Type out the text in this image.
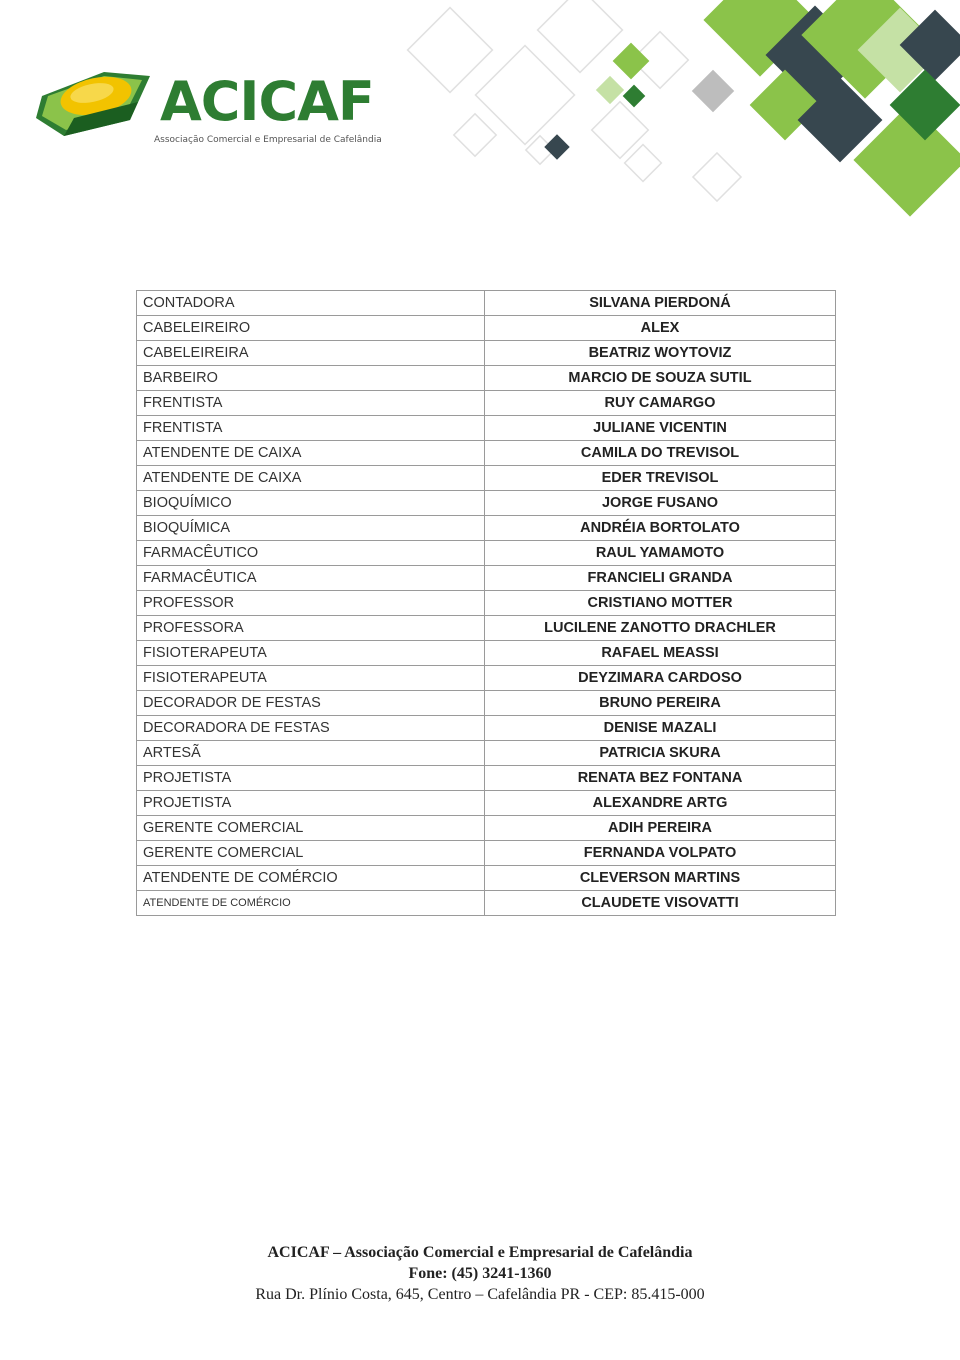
ACICAF
Associação Comercial e Empresarial de Cafelândia
CONTADORA	SILVANA PIERDONÁ
CABELEIREIRO	ALEX
CABELEIREIRA	BEATRIZ WOYTOVIZ
BARBEIRO	MARCIO DE SOUZA SUTIL
FRENTISTA	RUY CAMARGO
FRENTISTA	JULIANE VICENTIN
ATENDENTE DE CAIXA	CAMILA DO TREVISOL
ATENDENTE DE CAIXA	EDER TREVISOL
BIOQUÍMICO	JORGE FUSANO
BIOQUÍMICA	ANDRÉIA BORTOLATO
FARMACÊUTICO	RAUL YAMAMOTO
FARMACÊUTICA	FRANCIELI GRANDA
PROFESSOR	CRISTIANO MOTTER
PROFESSORA	LUCILENE ZANOTTO DRACHLER
FISIOTERAPEUTA	RAFAEL MEASSI
FISIOTERAPEUTA	DEYZIMARA CARDOSO
DECORADOR DE FESTAS	BRUNO PEREIRA
DECORADORA DE FESTAS	DENISE MAZALI
ARTESÃ	PATRICIA SKURA
PROJETISTA	RENATA BEZ FONTANA
PROJETISTA	ALEXANDRE ARTG
GERENTE COMERCIAL	ADIH PEREIRA
GERENTE COMERCIAL	FERNANDA VOLPATO
ATENDENTE DE COMÉRCIO	CLEVERSON MARTINS
ATENDENTE DE COMÉRCIO	CLAUDETE VISOVATTI
ACICAF – Associação Comercial e Empresarial de Cafelândia
Fone: (45) 3241-1360
Rua Dr. Plínio Costa, 645, Centro – Cafelândia PR - CEP: 85.415-000
